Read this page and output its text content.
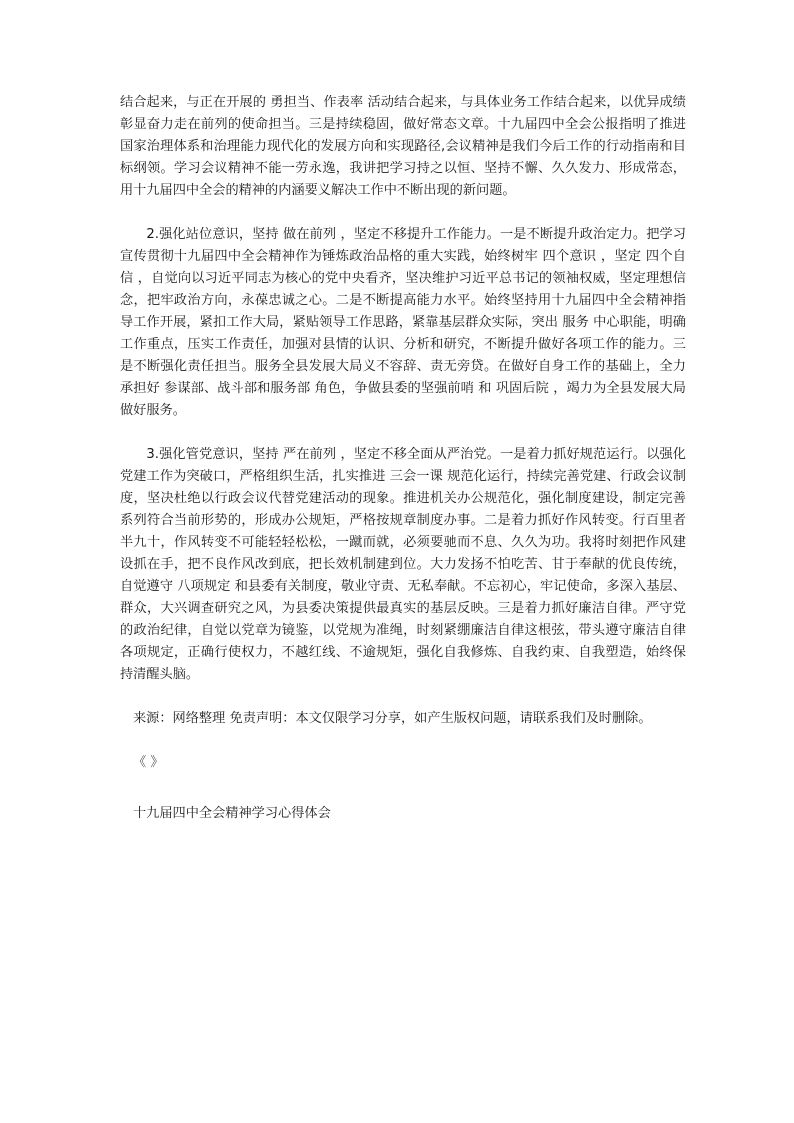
结合起来，与正在开展的 勇担当、作表率 活动结合起来，与具体业务工作结合起来，以优异成绩彰显奋力走在前列的使命担当。三是持续稳固，做好常态文章。十九届四中全会公报指明了推进国家治理体系和治理能力现代化的发展方向和实现路径,会议精神是我们今后工作的行动指南和目标纲领。学习会议精神不能一劳永逸，我讲把学习持之以恒、坚持不懈、久久发力、形成常态，用十九届四中全会的精神的内涵要义解决工作中不断出现的新问题。

2.强化站位意识，坚持 做在前列 ，坚定不移提升工作能力。一是不断提升政治定力。把学习宣传贯彻十九届四中全会精神作为锤炼政治品格的重大实践，始终树牢 四个意识 ，坚定 四个自信 ，自觉向以习近平同志为核心的党中央看齐，坚决维护习近平总书记的领袖权威，坚定理想信念，把牢政治方向，永葆忠诚之心。二是不断提高能力水平。始终坚持用十九届四中全会精神指导工作开展，紧扣工作大局，紧贴领导工作思路，紧靠基层群众实际，突出 服务 中心职能，明确工作重点，压实工作责任，加强对县情的认识、分析和研究，不断提升做好各项工作的能力。三是不断强化责任担当。服务全县发展大局义不容辞、责无旁贷。在做好自身工作的基础上，全力承担好 参谋部、战斗部和服务部 角色，争做县委的坚强前哨 和 巩固后院 ，竭力为全县发展大局做好服务。

3.强化管党意识，坚持 严在前列 ，坚定不移全面从严治党。一是着力抓好规范运行。以强化党建工作为突破口，严格组织生活，扎实推进 三会一课 规范化运行，持续完善党建、行政会议制度，坚决杜绝以行政会议代替党建活动的现象。推进机关办公规范化，强化制度建设，制定完善系列符合当前形势的，形成办公规矩，严格按规章制度办事。二是着力抓好作风转变。行百里者半九十，作风转变不可能轻轻松松，一蹴而就，必须要驰而不息、久久为功。我将时刻把作风建设抓在手，把不良作风改到底，把长效机制建到位。大力发扬不怕吃苦、甘于奉献的优良传统，自觉遵守 八项规定 和县委有关制度，敬业守责、无私奉献。不忘初心，牢记使命，多深入基层、群众，大兴调查研究之风，为县委决策提供最真实的基层反映。三是着力抓好廉洁自律。严守党的政治纪律，自觉以党章为镜鉴，以党规为准绳，时刻紧绷廉洁自律这根弦，带头遵守廉洁自律各项规定，正确行使权力，不越红线、不逾规矩，强化自我修炼、自我约束、自我塑造，始终保持清醒头脑。

来源：网络整理 免责声明：本文仅限学习分享，如产生版权问题，请联系我们及时删除。

《 》

十九届四中全会精神学习心得体会
